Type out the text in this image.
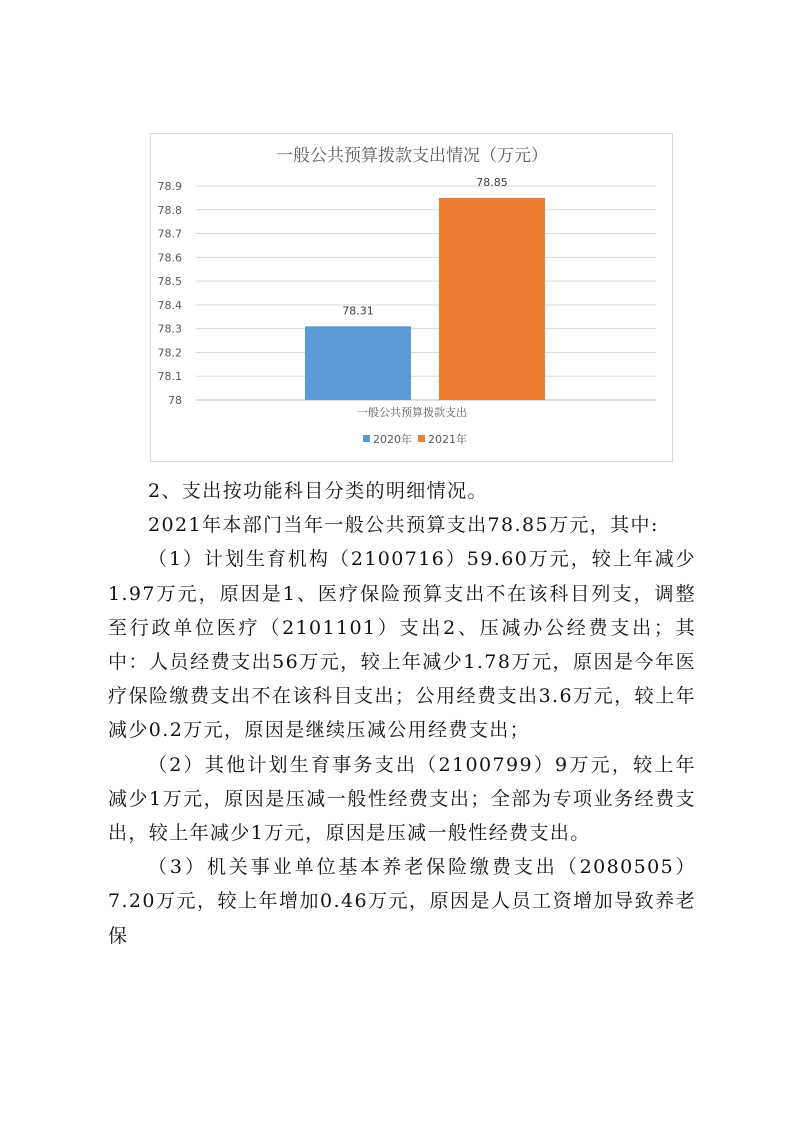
一般公共预算拨款支出情况（万元）
78
78.1
78.2
78.3
78.4
78.5
78.6
78.7
78.8
78.9
78.31
78.85
一般公共预算拨款支出
2020年 2021年

2、支出按功能科目分类的明细情况。

2021年本部门当年一般公共预算支出78.85万元，其中:

（1）计划生育机构（2100716）59.60万元，较上年减少1.97万元，原因是1、医疗保险预算支出不在该科目列支，调整至行政单位医疗（2101101）支出2、压减办公经费支出；其中：人员经费支出56万元，较上年减少1.78万元，原因是今年医疗保险缴费支出不在该科目支出；公用经费支出3.6万元，较上年减少0.2万元，原因是继续压减公用经费支出；

（2）其他计划生育事务支出（2100799）9万元，较上年减少1万元，原因是压减一般性经费支出；全部为专项业务经费支出，较上年减少1万元，原因是压减一般性经费支出。

（3）机关事业单位基本养老保险缴费支出（2080505）7.20万元，较上年增加0.46万元，原因是人员工资增加导致养老保
